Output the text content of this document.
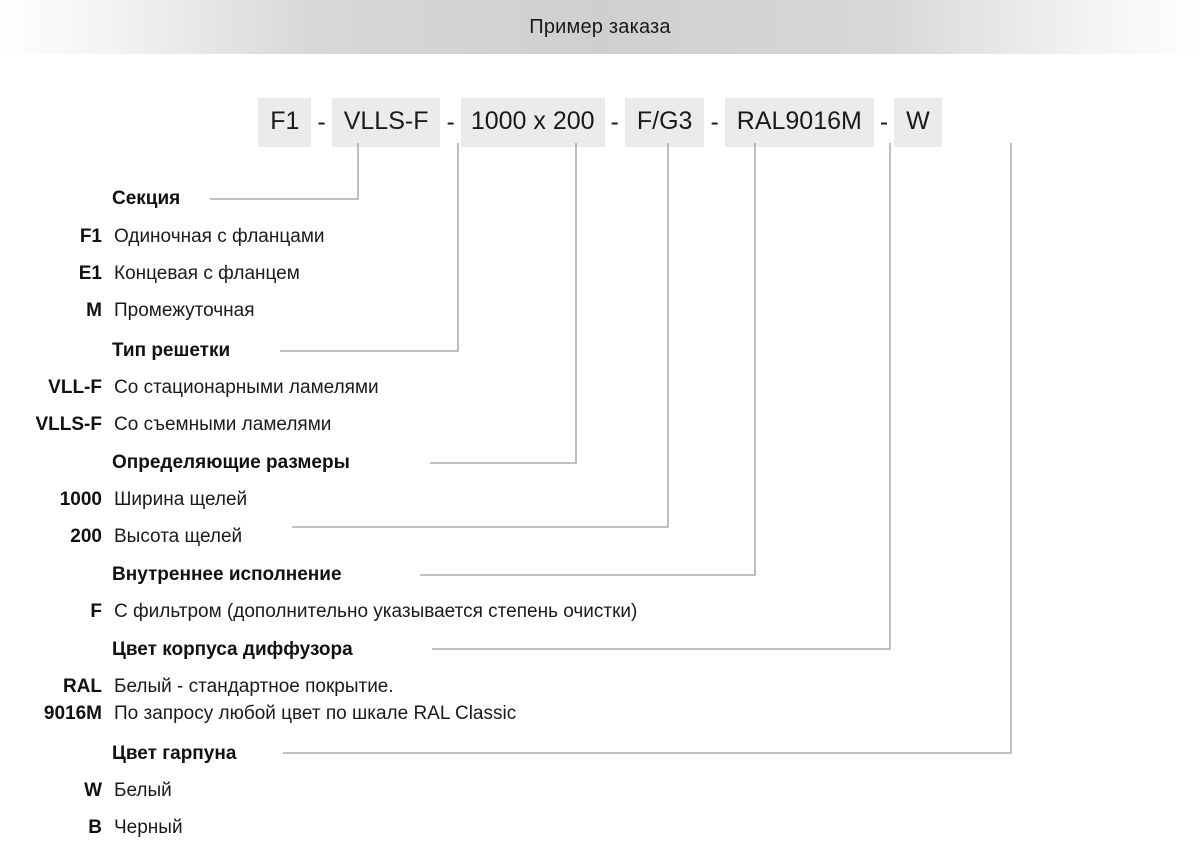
Пример заказа
F1 - VLLS-F - 1000 x 200 - F/G3 - RAL9016M - W
Секция
F1 Одиночная с фланцами
E1 Концевая с фланцем
M Промежуточная
Тип решетки
VLL-F Со стационарными ламелями
VLLS-F Со съемными ламелями
Определяющие размеры
1000 Ширина щелей
200 Высота щелей
Внутреннее исполнение
F С фильтром (дополнительно указывается степень очистки)
Цвет корпуса диффузора
RAL Белый - стандартное покрытие.
9016M По запросу любой цвет по шкале RAL Classic
Цвет гарпуна
W Белый
B Черный
